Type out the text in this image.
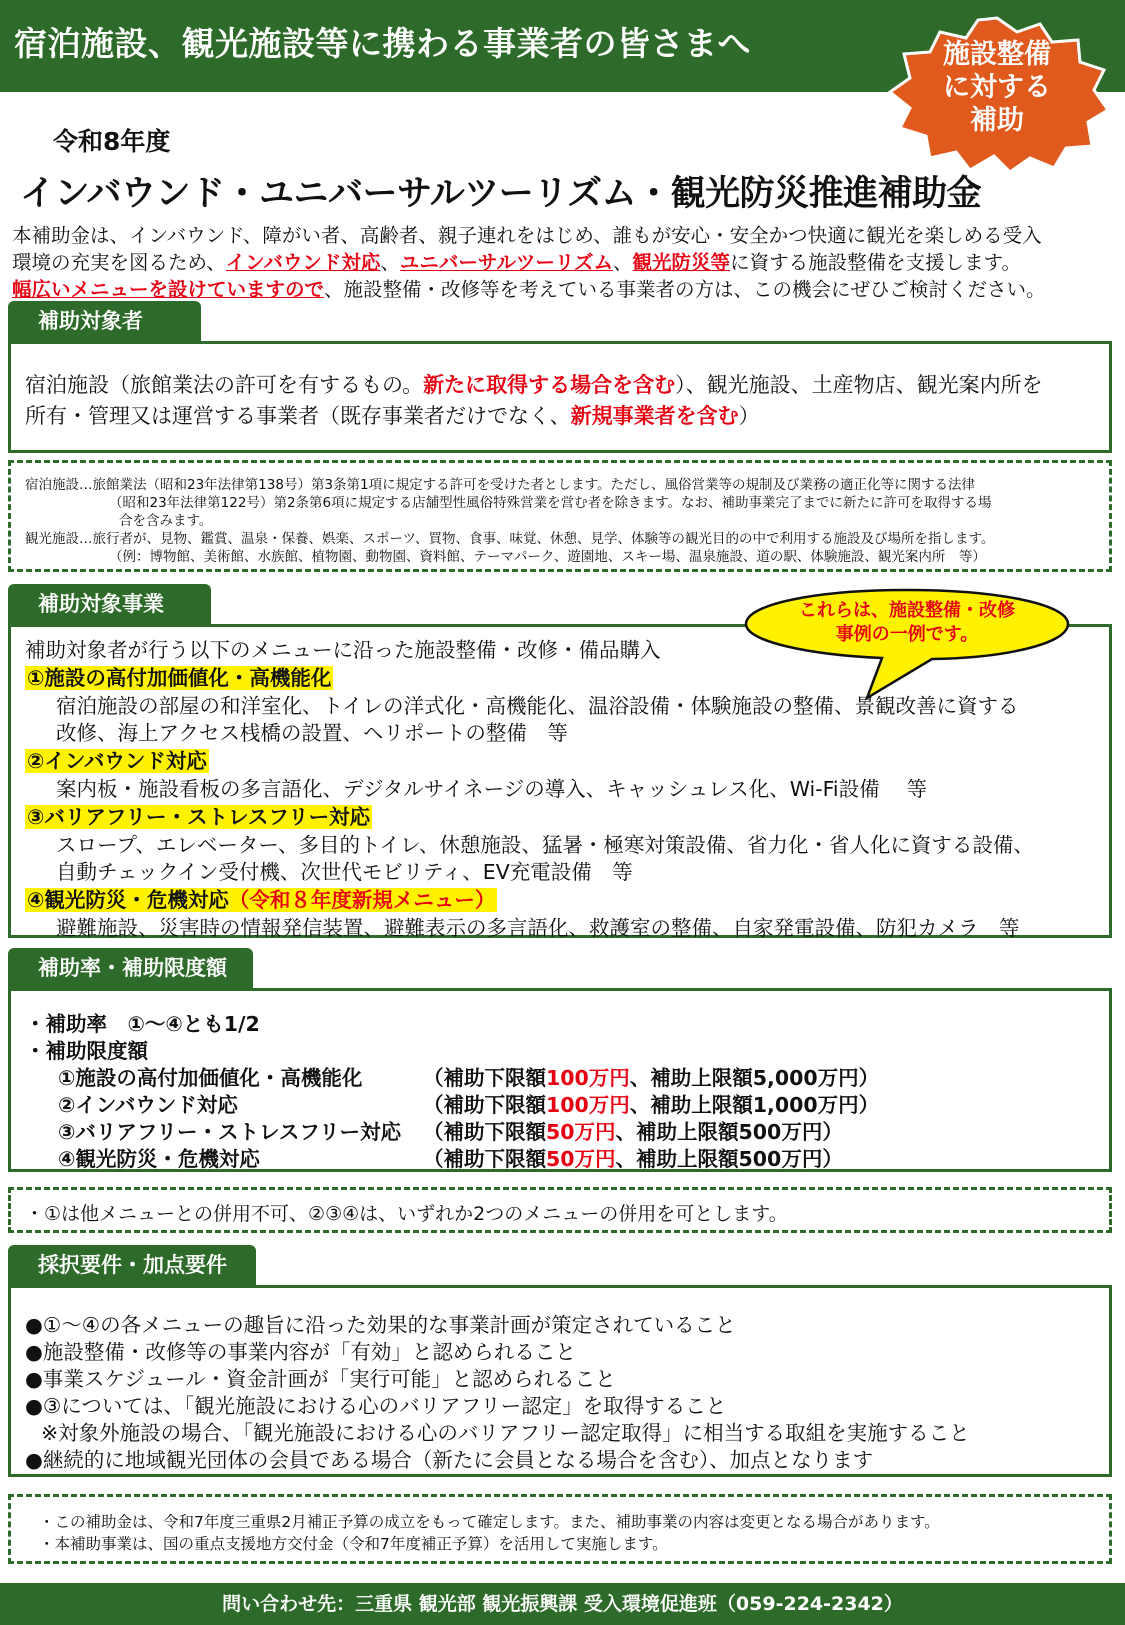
宿泊施設、観光施設等に携わる事業者の皆さまへ	施設整備
に対する
補助
令和8年度
インバウンド・ユニバーサルツーリズム・観光防災推進補助金
本補助金は、インバウンド、障がい者、高齢者、親子連れをはじめ、誰もが安心・安全かつ快適に観光を楽しめる受入
環境の充実を図るため、インバウンド対応、ユニバーサルツーリズム、観光防災等に資する施設整備を支援します。
幅広いメニューを設けていますので、施設整備・改修等を考えている事業者の方は、この機会にぜひご検討ください。
補助対象者
宿泊施設（旅館業法の許可を有するもの。新たに取得する場合を含む）、観光施設、土産物店、観光案内所を
所有・管理又は運営する事業者（既存事業者だけでなく、新規事業者を含む）
宿泊施設…旅館業法（昭和23年法律第138号）第3条第1項に規定する許可を受けた者とします。ただし、風俗営業等の規制及び業務の適正化等に関する法律
（昭和23年法律第122号）第2条第6項に規定する店舗型性風俗特殊営業を営む者を除きます。なお、補助事業完了までに新たに許可を取得する場
合を含みます。
観光施設…旅行者が、見物、鑑賞、温泉・保養、娯楽、スポーツ、買物、食事、味覚、休憩、見学、体験等の観光目的の中で利用する施設及び場所を指します。
（例：博物館、美術館、水族館、植物園、動物園、資料館、テーマパーク、遊園地、スキー場、温泉施設、道の駅、体験施設、観光案内所　等）
補助対象事業
補助対象者が行う以下のメニューに沿った施設整備・改修・備品購入
①施設の高付加価値化・高機能化
宿泊施設の部屋の和洋室化、トイレの洋式化・高機能化、温浴設備・体験施設の整備、景観改善に資する
改修、海上アクセス桟橋の設置、ヘリポートの整備　等
②インバウンド対応
案内板・施設看板の多言語化、デジタルサイネージの導入、キャッシュレス化、Wi-Fi設備　 等
③バリアフリー・ストレスフリー対応
スロープ、エレベーター、多目的トイレ、休憩施設、猛暑・極寒対策設備、省力化・省人化に資する設備、
自動チェックイン受付機、次世代モビリティ、EV充電設備　等
④観光防災・危機対応（令和８年度新規メニュー）
避難施設、災害時の情報発信装置、避難表示の多言語化、救護室の整備、自家発電設備、防犯カメラ　等
これらは、施設整備・改修
事例の一例です。
補助率・補助限度額
・補助率　①～④とも1/2
・補助限度額
①施設の高付加価値化・高機能化	（補助下限額100万円、補助上限額5,000万円）
②インバウンド対応	（補助下限額100万円、補助上限額1,000万円）
③バリアフリー・ストレスフリー対応 （補助下限額50万円、補助上限額500万円）
④観光防災・危機対応	（補助下限額50万円、補助上限額500万円）
・①は他メニューとの併用不可、②③④は、いずれか2つのメニューの併用を可とします。
採択要件・加点要件
●①～④の各メニューの趣旨に沿った効果的な事業計画が策定されていること
●施設整備・改修等の事業内容が「有効」と認められること
●事業スケジュール・資金計画が「実行可能」と認められること
●③については、「観光施設における心のバリアフリー認定」を取得すること
※対象外施設の場合、「観光施設における心のバリアフリー認定取得」に相当する取組を実施すること
●継続的に地域観光団体の会員である場合（新たに会員となる場合を含む）、加点となります
・この補助金は、令和7年度三重県2月補正予算の成立をもって確定します。また、補助事業の内容は変更となる場合があります。
・本補助事業は、国の重点支援地方交付金（令和7年度補正予算）を活用して実施します。
問い合わせ先：三重県 観光部 観光振興課 受入環境促進班（059-224-2342）
